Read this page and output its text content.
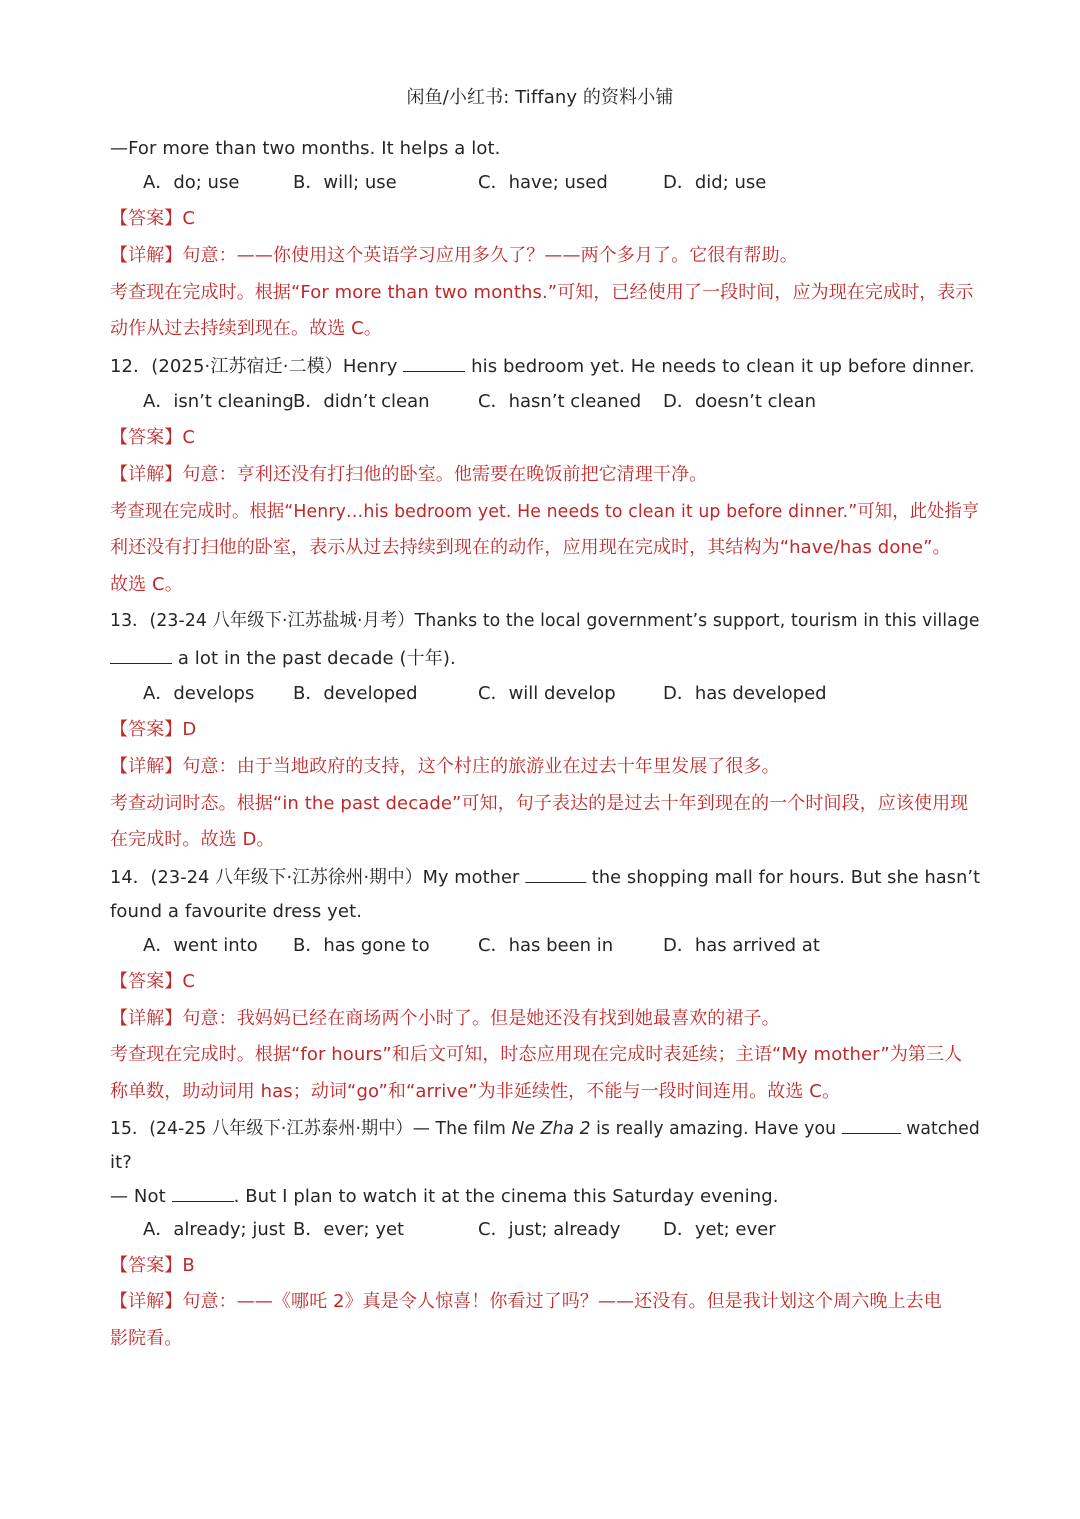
闲鱼/小红书: Tiffany 的资料小铺
—For more than two months. It helps a lot.
A．do; use	B．will; use	C．have; used	D．did; use
【答案】C
【详解】句意：——你使用这个英语学习应用多久了？——两个多月了。它很有帮助。
考查现在完成时。根据“For more than two months.”可知，已经使用了一段时间，应为现在完成时，表示
动作从过去持续到现在。故选 C。
12．(2025·江苏宿迁·二模）Henry	his bedroom yet. He needs to clean it up before dinner.
A．isn’t cleaning B．didn’t clean	C．hasn’t cleaned D．doesn’t clean
【答案】C
【详解】句意：亨利还没有打扫他的卧室。他需要在晚饭前把它清理干净。
考查现在完成时。根据“Henry…his bedroom yet. He needs to clean it up before dinner.”可知，此处指亨
利还没有打扫他的卧室，表示从过去持续到现在的动作，应用现在完成时，其结构为“have/has done”。
故选 C。
13．(23-24 八年级下·江苏盐城·月考）Thanks to the local government’s support, tourism in this village
a lot in the past decade (十年).
A．develops B．developed	C．will develop	D．has developed
【答案】D
【详解】句意：由于当地政府的支持，这个村庄的旅游业在过去十年里发展了很多。
考查动词时态。根据“in the past decade”可知，句子表达的是过去十年到现在的一个时间段，应该使用现
在完成时。故选 D。
14．(23-24 八年级下·江苏徐州·期中）My mother	the shopping mall for hours. But she hasn’t
found a favourite dress yet.
A．went into B．has gone to	C．has been in	D．has arrived at
【答案】C
【详解】句意：我妈妈已经在商场两个小时了。但是她还没有找到她最喜欢的裙子。
考查现在完成时。根据“for hours”和后文可知，时态应用现在完成时表延续；主语“My mother”为第三人
称单数，助动词用 has；动词“go”和“arrive”为非延续性，不能与一段时间连用。故选 C。
15．(24-25 八年级下·江苏泰州·期中）— The film Ne Zha 2 is really amazing. Have you	watched
it?
— Not	. But I plan to watch it at the cinema this Saturday evening.
A．already; just B．ever; yet	C．just; already D．yet; ever
【答案】B
【详解】句意：——《哪吒 2》真是令人惊喜！你看过了吗？——还没有。但是我计划这个周六晚上去电
影院看。
